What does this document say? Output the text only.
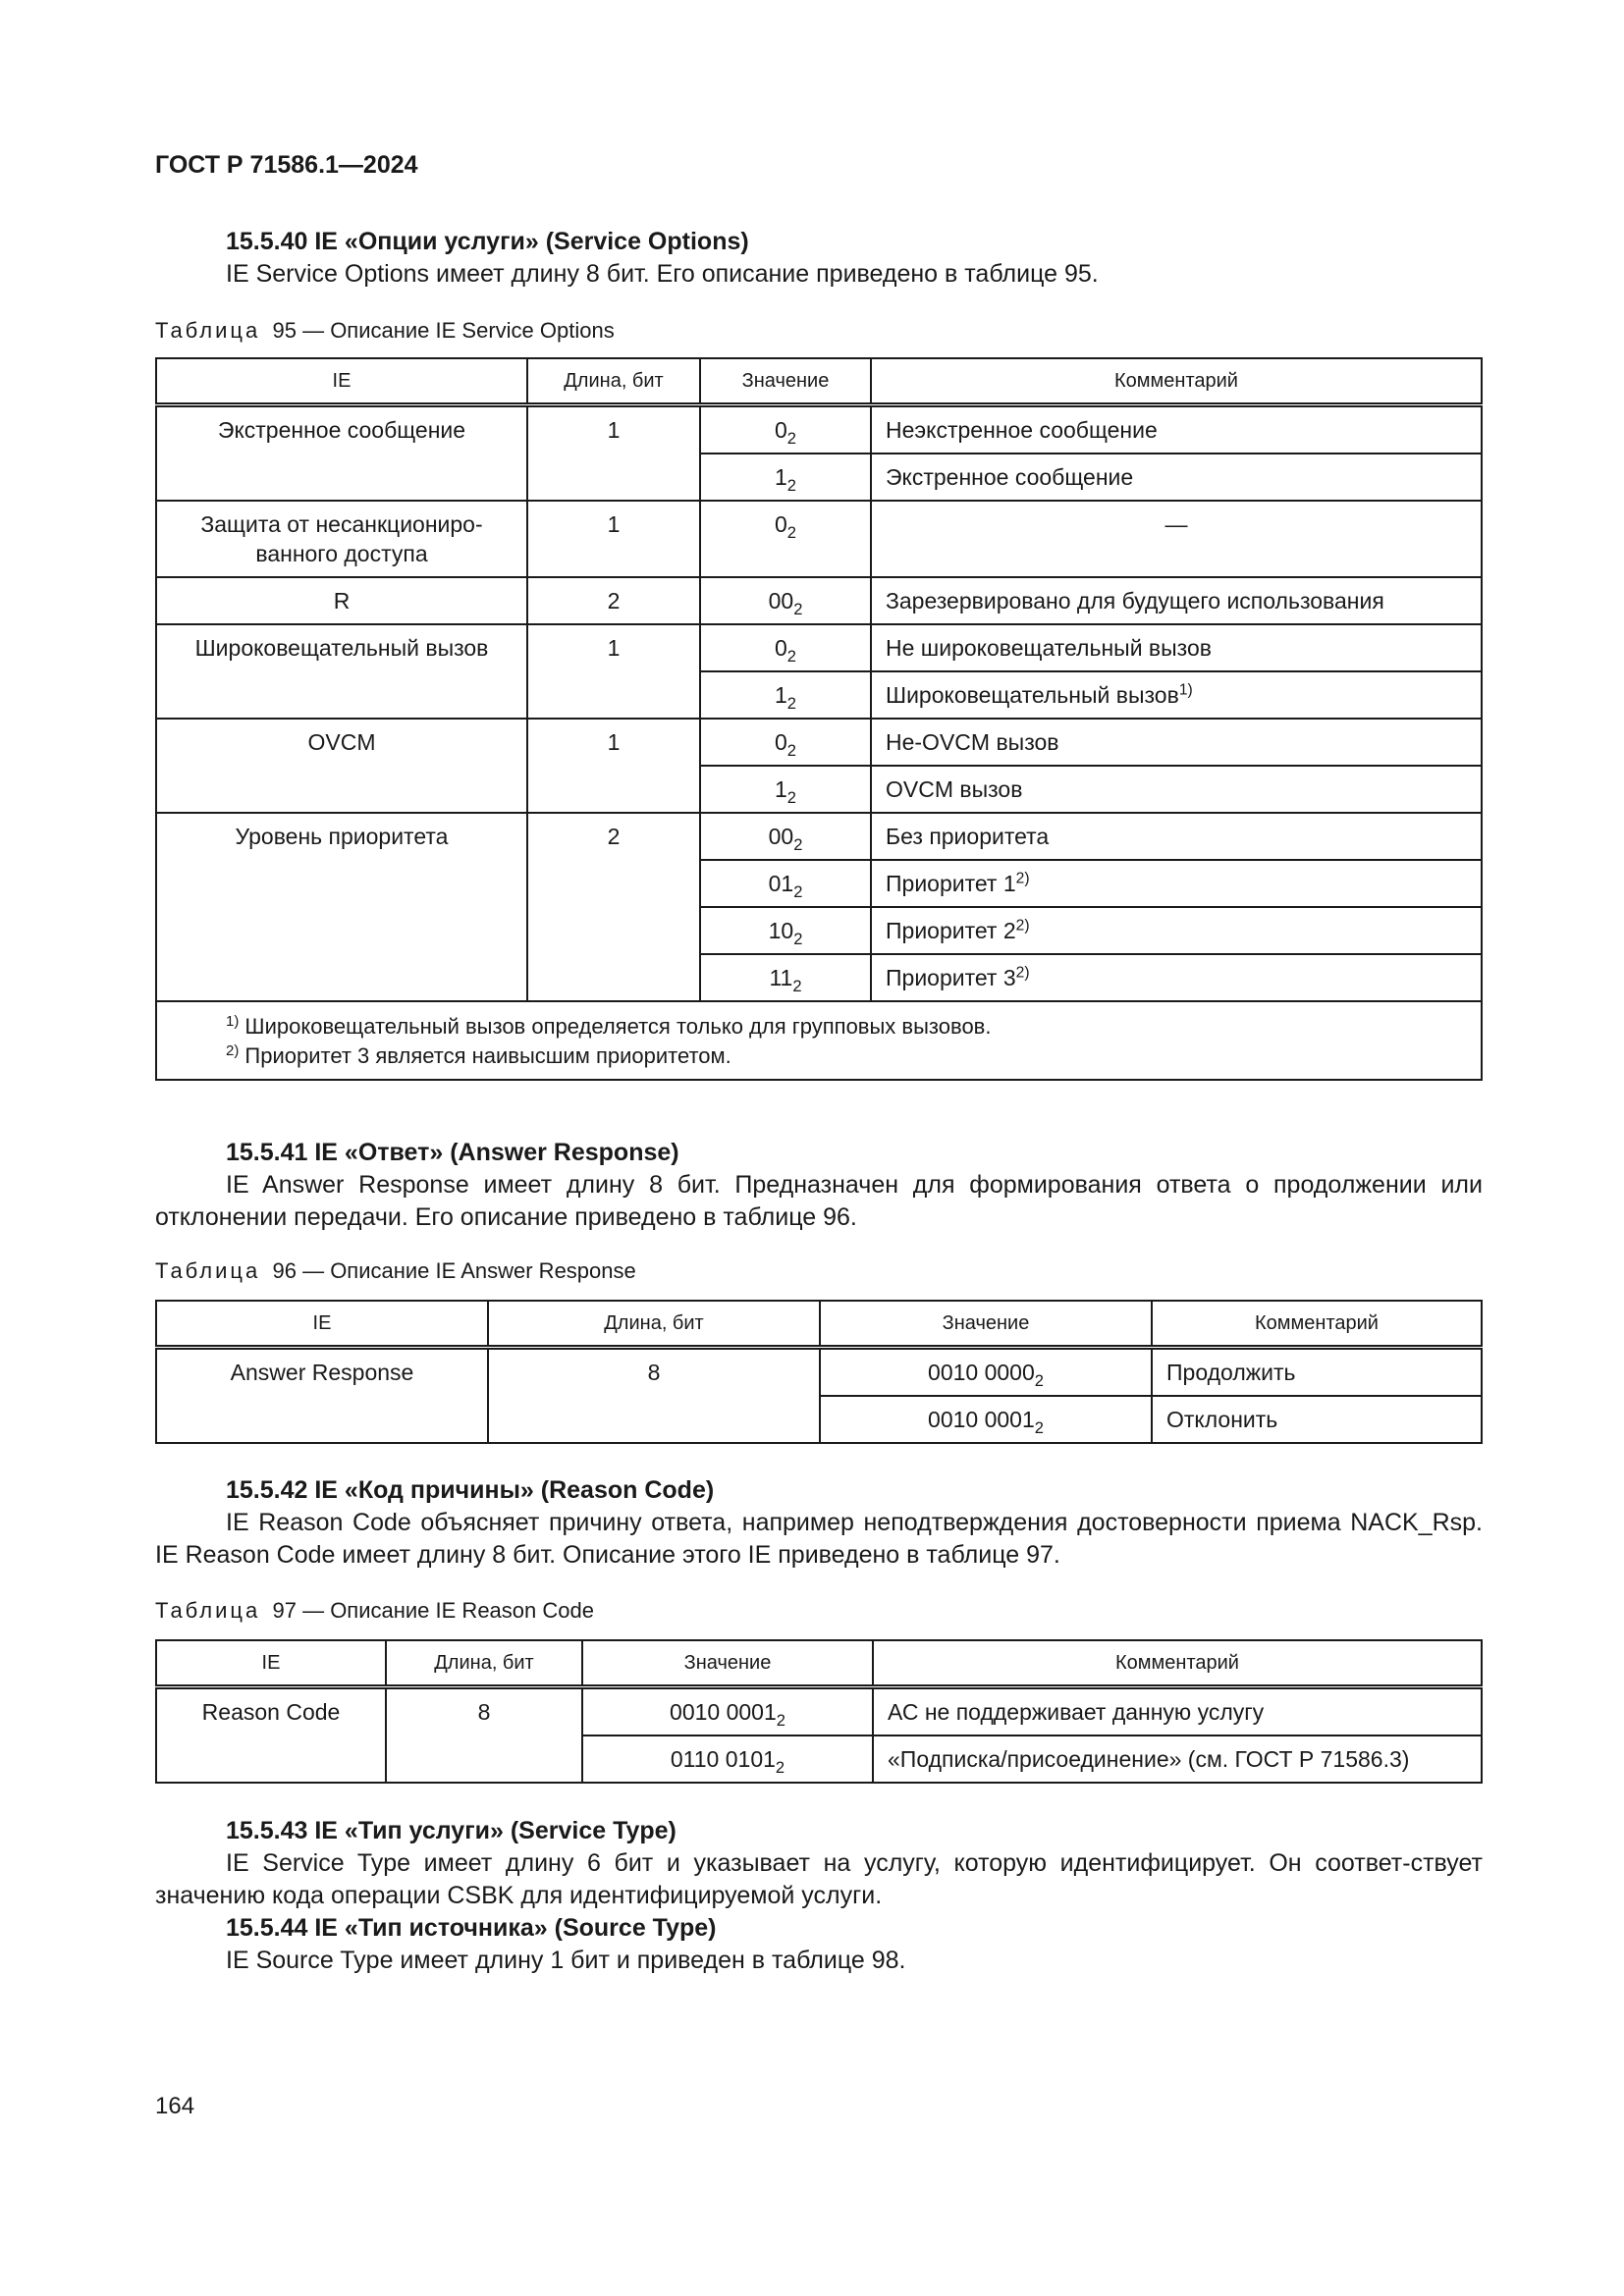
ГОСТ Р 71586.1—2024
15.5.40 IE «Опции услуги» (Service Options)
IE Service Options имеет длину 8 бит. Его описание приведено в таблице 95.
Таблица 95 — Описание IE Service Options
IE	Длина, бит	Значение	Комментарий
Экстренное сообщение	1	$0_2$	Неэкстренное сообщение
		$1_2$	Экстренное сообщение
Защита от несанкциониро-ванного доступа	1	$0_2$	—
R	2	$00_2$	Зарезервировано для будущего использования
Широковещательный вызов	1	$0_2$	Не широковещательный вызов
		$1_2$	Широковещательный вызов$^{1)}$
OVCM	1	$0_2$	Не-OVCM вызов
		$1_2$	OVCM вызов
Уровень приоритета	2	$00_2$	Без приоритета
		$01_2$	Приоритет 1$^{2)}$
		$10_2$	Приоритет 2$^{2)}$
		$11_2$	Приоритет 3$^{2)}$

$^{1)}$ Широковещательный вызов определяется только для групповых вызовов.
$^{2)}$ Приоритет 3 является наивысшим приоритетом.			
15.5.41 IE «Ответ» (Answer Response)
IE Answer Response имеет длину 8 бит. Предназначен для формирования ответа о продолжении или отклонении передачи. Его описание приведено в таблице 96.
Таблица 96 — Описание IE Answer Response
IE	Длина, бит	Значение	Комментарий
Answer Response	8	0010 $0000_2$	Продолжить
		0010 $0001_2$	Отклонить
15.5.42 IE «Код причины» (Reason Code)
IE Reason Code объясняет причину ответа, например неподтверждения достоверности приема NACK_Rsp. IE Reason Code имеет длину 8 бит. Описание этого IE приведено в таблице 97.
Таблица 97 — Описание IE Reason Code
IE	Длина, бит	Значение	Комментарий
Reason Code	8	0010 $0001_2$	АС не поддерживает данную услугу
		0110 $0101_2$	«Подписка/присоединение» (см. ГОСТ Р 71586.3)
15.5.43 IE «Тип услуги» (Service Type)
IE Service Type имеет длину 6 бит и указывает на услугу, которую идентифицирует. Он соответ-ствует значению кода операции CSBK для идентифицируемой услуги.
15.5.44 IE «Тип источника» (Source Type)
IE Source Type имеет длину 1 бит и приведен в таблице 98.
164
